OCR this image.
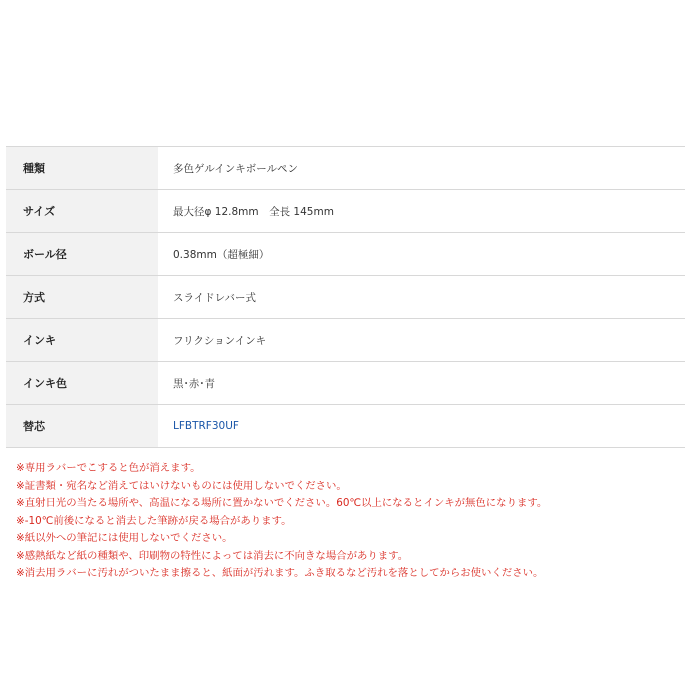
種類	多色ゲルインキボールペン
サイズ	最大径φ 12.8mm　全長 145mm
ボール径	0.38mm（超極細）
方式	スライドレバー式
インキ	フリクションインキ
インキ色	黒･赤･青
替芯	LFBTRF30UF
※専用ラバーでこすると色が消えます。
※証書類・宛名など消えてはいけないものには使用しないでください。
※直射日光の当たる場所や、高温になる場所に置かないでください。60℃以上になるとインキが無色になります。
※-10℃前後になると消去した筆跡が戻る場合があります。
※紙以外への筆記には使用しないでください。
※感熱紙など紙の種類や、印刷物の特性によっては消去に不向きな場合があります。
※消去用ラバーに汚れがついたまま擦ると、紙面が汚れます。ふき取るなど汚れを落としてからお使いください。
